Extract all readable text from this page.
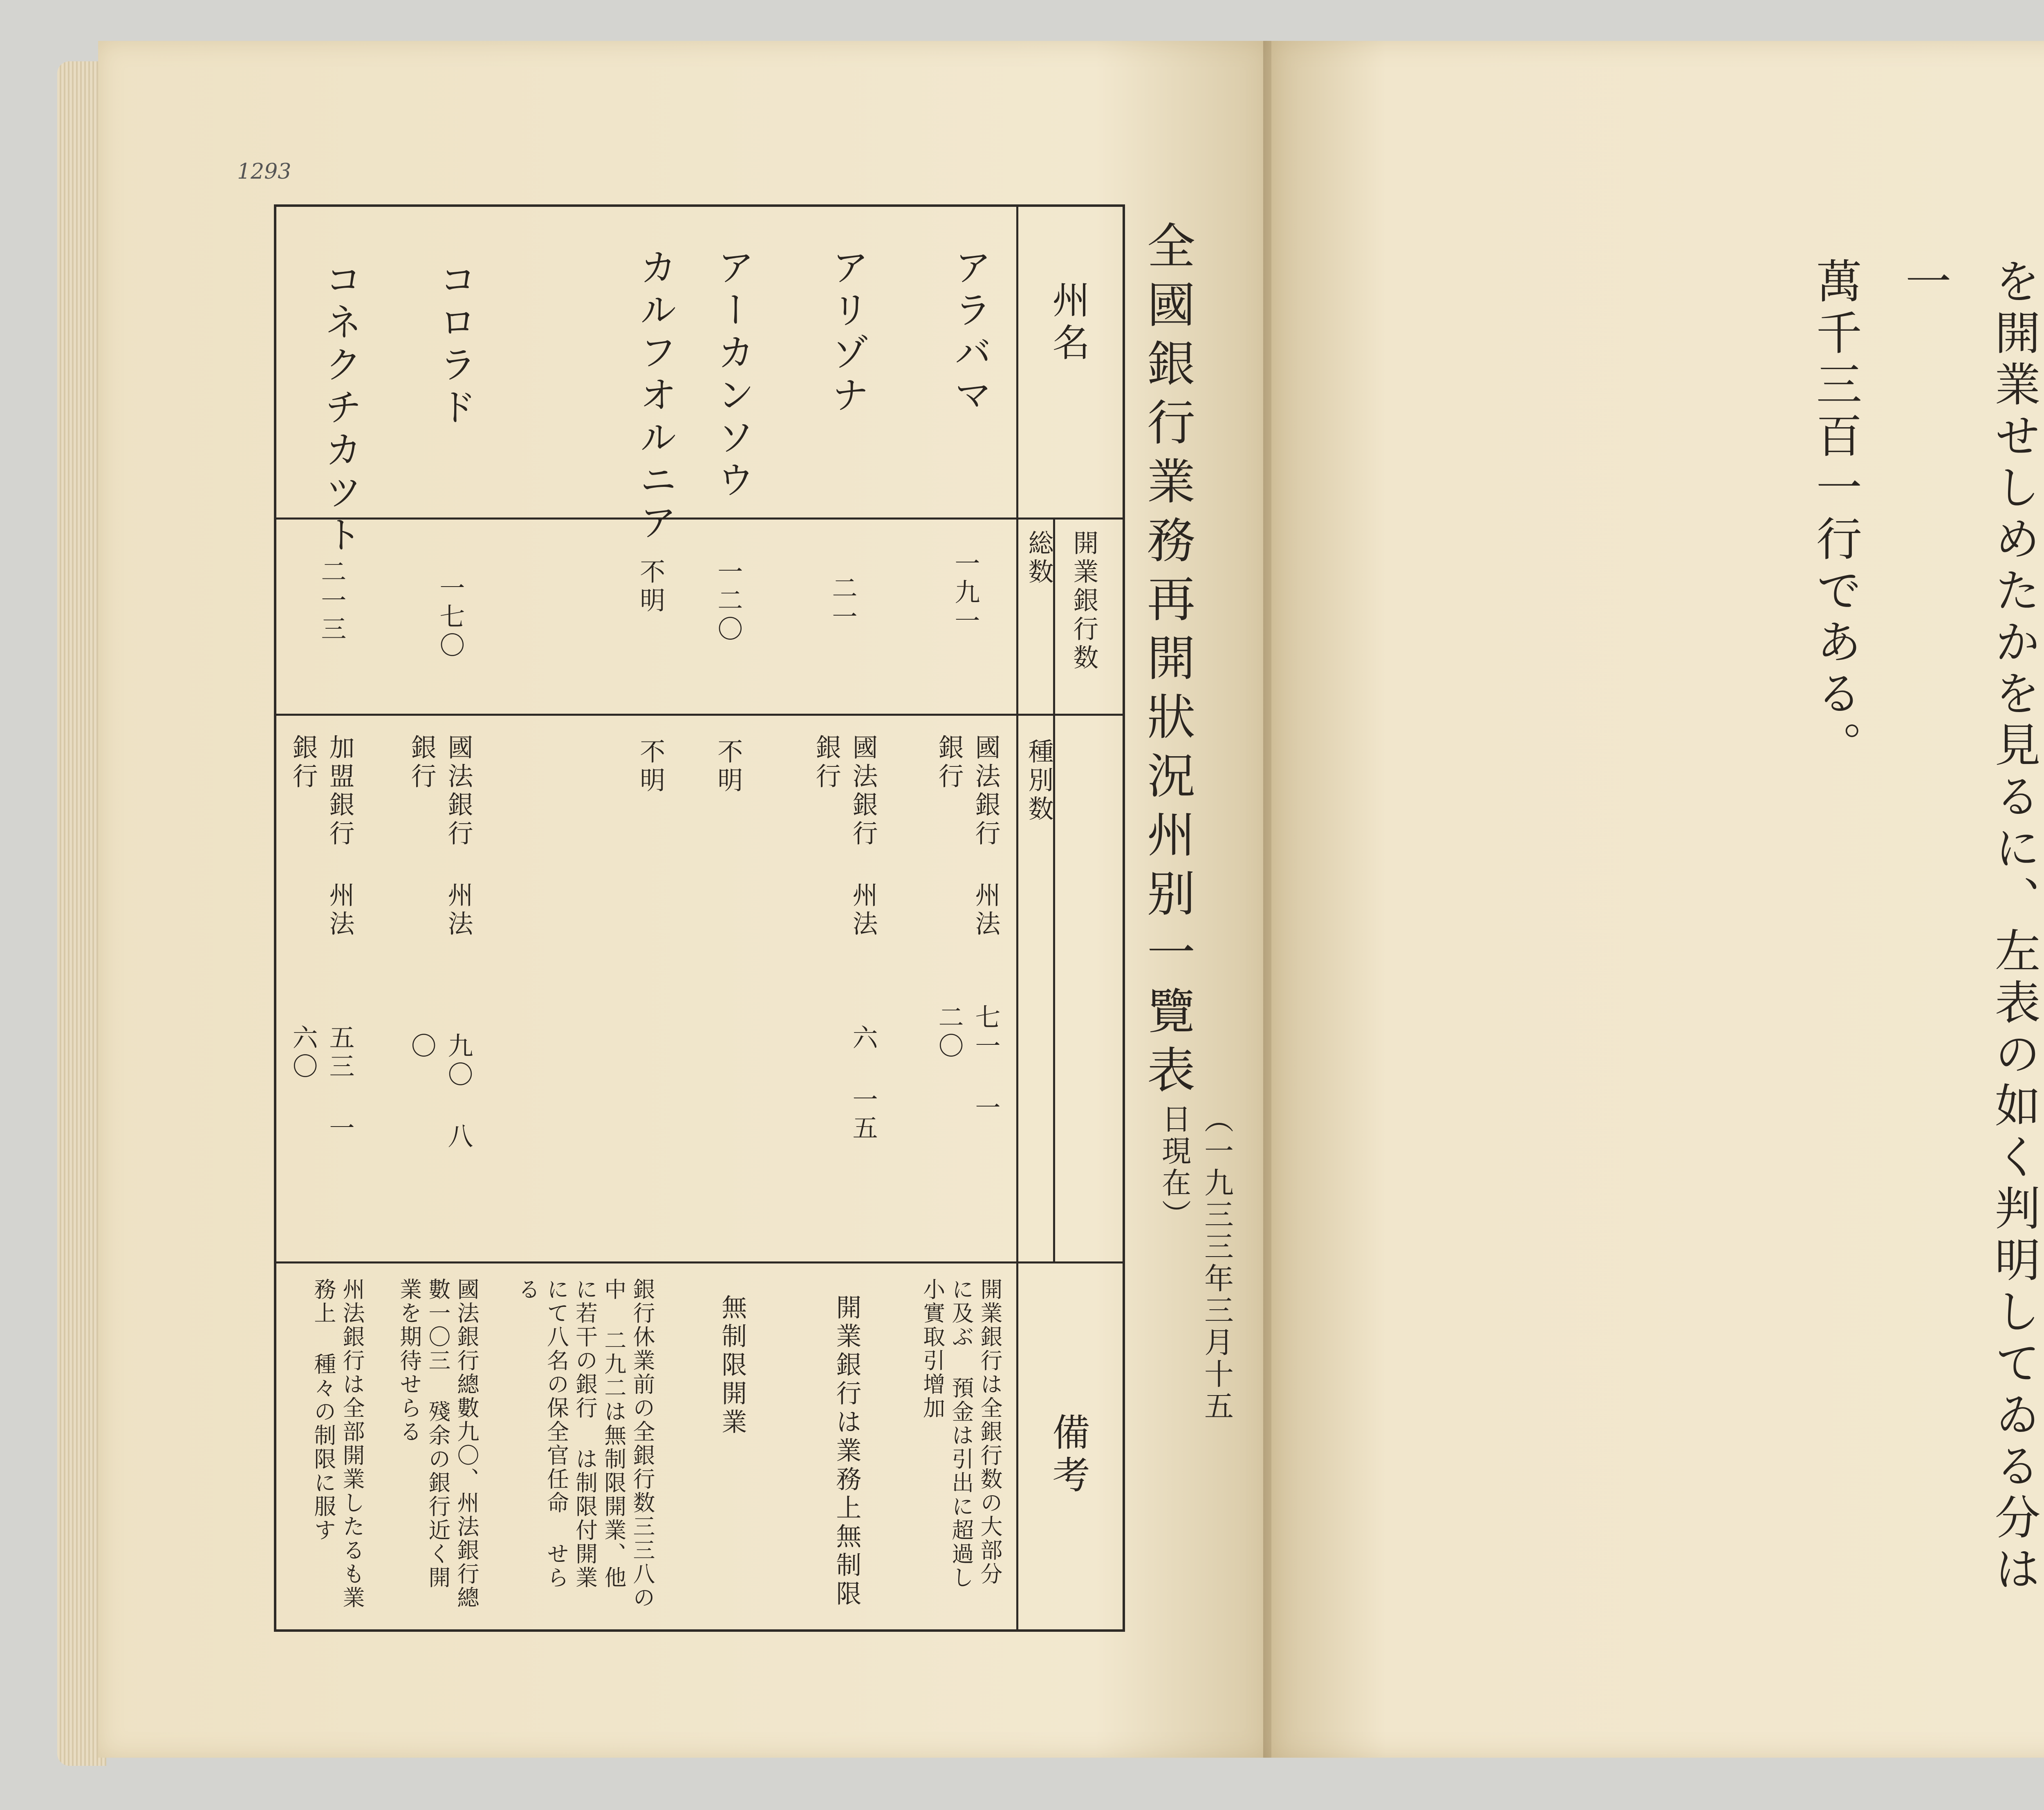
1293
全國銀行業務再開狀況州别一覽表
（一九三三年三月十五日現在）
州名
開業銀行数
総数
種別数
備考
アラバマ
一九一
國法銀行 州法銀行
七一 一二〇
開業銀行は全銀行数の大部分に及ぶ 預金は引出に超過し小實取引增加
アリゾナ
二一
國法銀行 州法銀行
六 一五
開業銀行は業務上無制限
アーカンソウ
一二〇
不明
無制限開業
カルフオルニア
不明
不明
銀行休業前の全銀行数三三八の中 二九二は無制限開業、他に若干の銀行 は制限付開業にて八名の保全官任命 せらる
コロラド
一七〇
國法銀行 州法銀行
九〇 八〇
國法銀行總數九〇、州法銀行總數一〇三 殘余の銀行近く開業を期待せらる
コネクチカツト
二一三
加盟銀行 州法銀行
五三 一六〇
州法銀行は全部開業したるも業務上 種々の制限に服す
　　　　　　	を開業せしめたかを見るに、左表の如く判明してゐる分は一
萬千三百一行である。
